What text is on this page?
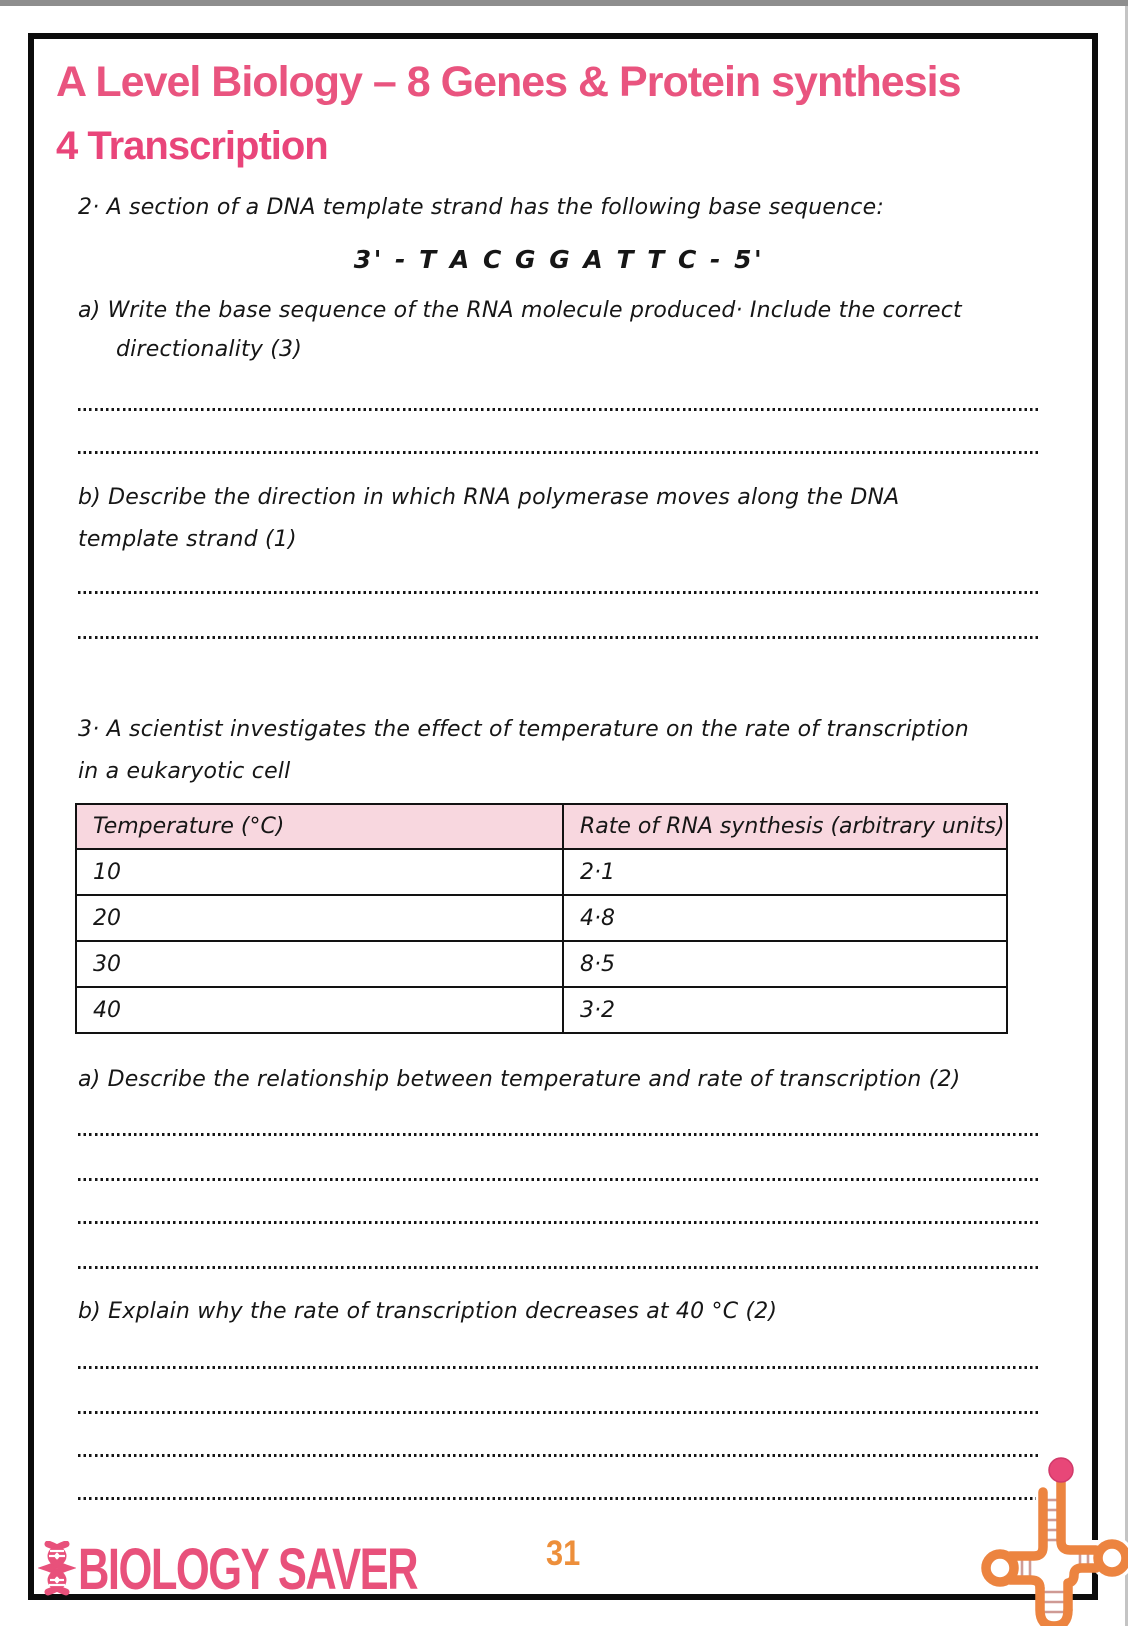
A Level Biology – 8 Genes & Protein synthesis
4 Transcription
2· A section of a DNA template strand has the following base sequence:
3' - T A C G G A T T C - 5'
a) Write the base sequence of the RNA molecule produced· Include the correct
directionality (3)
b) Describe the direction in which RNA polymerase moves along the DNA
template strand (1)
3· A scientist investigates the effect of temperature on the rate of transcription
in a eukaryotic cell
Temperature (°C)	Rate of RNA synthesis (arbitrary units)
10	2·1
20	4·8
30	8·5
40	3·2
a) Describe the relationship between temperature and rate of transcription (2)
b) Explain why the rate of transcription decreases at 40 °C (2)
BIOLOGY SAVER	31
